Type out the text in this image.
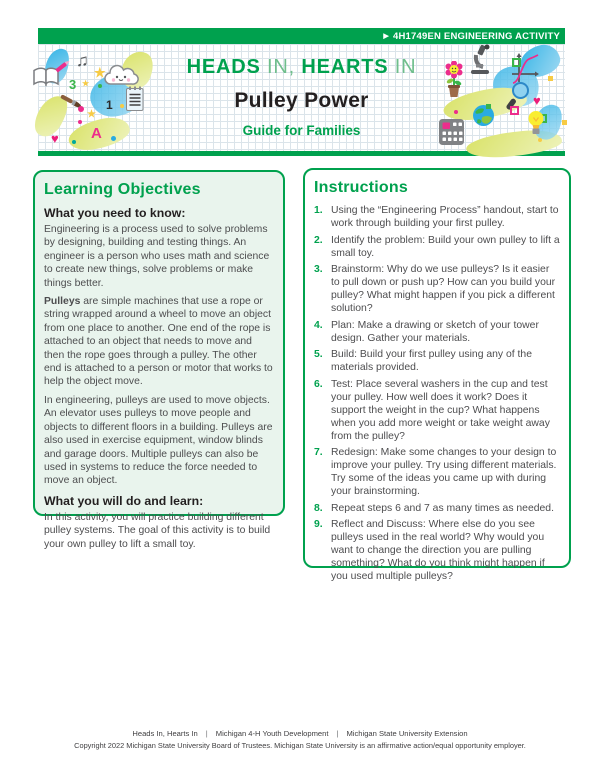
▶ 4H1749EN ENGINEERING ACTIVITY
♫
★
★
3
1
★
A
♥
♥
HEADS IN, HEARTS IN
Pulley Power
Guide for Families
Learning Objectives
What you need to know:

Engineering is a process used to solve problems by designing, building and testing things. An engineer is a person who uses math and science to create new things, solve problems or make things better.

Pulleys are simple machines that use a rope or string wrapped around a wheel to move an object from one place to another. One end of the rope is attached to an object that needs to move and then the rope goes through a pulley. The other end is attached to a person or motor that works to help the object move.

In engineering, pulleys are used to move objects. An elevator uses pulleys to move people and objects to different floors in a building. Pulleys are also used in exercise equipment, window blinds and garage doors. Multiple pulleys can also be used in systems to reduce the force needed to move an object.

What you will do and learn:

In this activity, you will practice building different pulley systems. The goal of this activity is to build your own pulley to lift a small toy.

Instructions
1. Using the “Engineering Process” handout, start to work through building your first pulley.
2. Identify the problem: Build your own pulley to lift a small toy.
3. Brainstorm: Why do we use pulleys? Is it easier to pull down or push up? How can you build your pulley? What might happen if you pick a different solution?
4. Plan: Make a drawing or sketch of your tower design. Gather your materials.
5. Build: Build your first pulley using any of the materials provided.
6. Test: Place several washers in the cup and test your pulley. How well does it work? Does it support the weight in the cup? What happens when you add more weight or take weight away from the pulley?
7. Redesign: Make some changes to your design to improve your pulley. Try using different materials. Try some of the ideas you came up with during your brainstorming.
8. Repeat steps 6 and 7 as many times as needed.
9. Reflect and Discuss: Where else do you see pulleys used in the real world? Why would you want to change the direction you are pulling something? What do you think might happen if you used multiple pulleys?
Heads In, Hearts In | Michigan 4-H Youth Development | Michigan State University Extension
Copyright 2022 Michigan State University Board of Trustees. Michigan State University is an affirmative action/equal opportunity employer.
